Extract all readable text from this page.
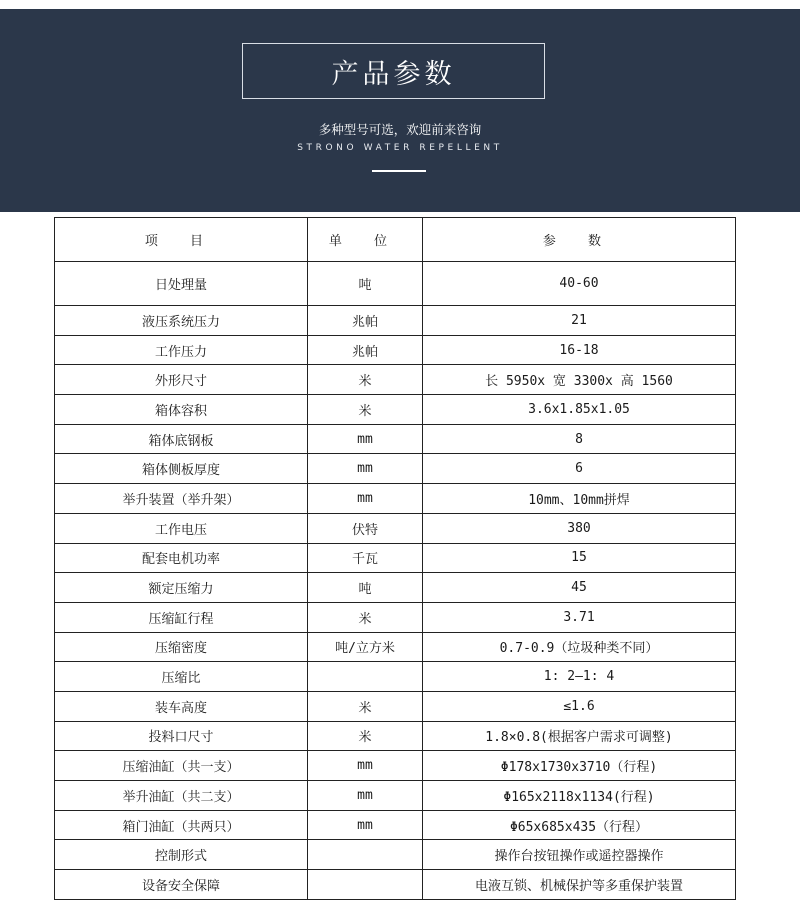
产品参数
多种型号可选，欢迎前来咨询
STRONO WATER REPELLENT
项 目	单 位	参 数
日处理量	吨	40-60
液压系统压力	兆帕	21
工作压力	兆帕	16-18
外形尺寸	米	长 5950x 宽 3300x 高 1560
箱体容积	米	3.6x1.85x1.05
箱体底钢板	mm	8
箱体侧板厚度	mm	6
举升装置（举升架）	mm	10mm、10mm拼焊
工作电压	伏特	380
配套电机功率	千瓦	15
额定压缩力	吨	45
压缩缸行程	米	3.71
压缩密度	吨/立方米	0.7-0.9（垃圾种类不同）
压缩比		1: 2—1: 4
装车高度	米	≤1.6
投料口尺寸	米	1.8×0.8(根据客户需求可调整)
压缩油缸（共一支）	mm	Φ178x1730x3710（行程)
举升油缸（共二支）	mm	Φ165x2118x1134(行程)
箱门油缸（共两只）	mm	Φ65x685x435（行程）
控制形式		操作台按钮操作或遥控器操作
设备安全保障		电液互锁、机械保护等多重保护装置
